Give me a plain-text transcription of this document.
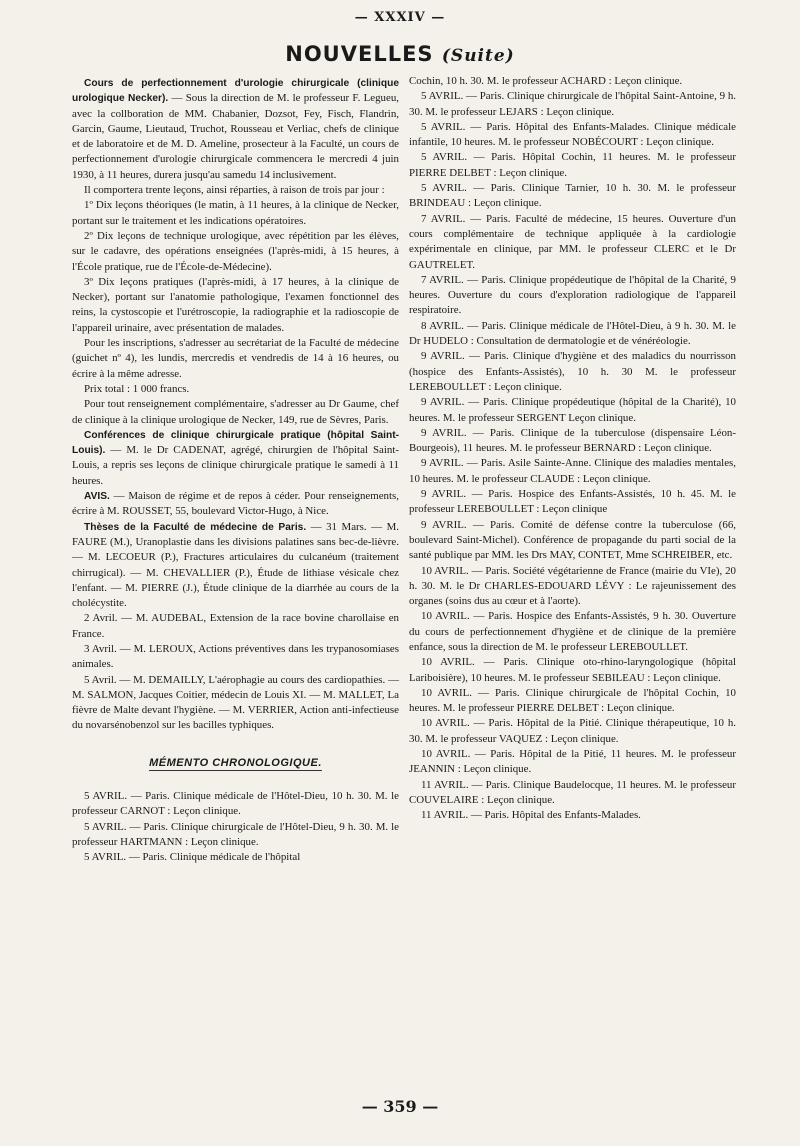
— XXXIV —
NOUVELLES (Suite)

Cours de perfectionnement d'urologie chirurgicale (clinique urologique Necker). — Sous la direction de M. le professeur F. Legueu, avec la collboration de MM. Chabanier, Dozsot, Fey, Fisch, Flandrin, Garcin, Gaume, Lieutaud, Truchot, Rousseau et Verliac, chefs de clinique et de laboratoire et de M. D. Ameline, prosecteur à la Faculté, un cours de perfectionnement d'urologie chirurgicale commencera le mercredi 4 juin 1930, à 11 heures, durera jusqu'au samedu 14 inclusivement.

Il comportera trente leçons, ainsi réparties, à raison de trois par jour :

1º Dix leçons théoriques (le matin, à 11 heures, à la clinique de Necker, portant sur le traitement et les indications opératoires.

2º Dix leçons de technique urologique, avec répétition par les élèves, sur le cadavre, des opérations enseignées (l'après-midi, à 15 heures, à l'École pratique, rue de l'École-de-Médecine).

3º Dix leçons pratiques (l'après-midi, à 17 heures, à la clinique de Necker), portant sur l'anatomie pathologique, l'examen fonctionnel des reins, la cystoscopie et l'urétroscopie, la radiographie et la radioscopie de l'appareil urinaire, avec présentation de malades.

Pour les inscriptions, s'adresser au secrétariat de la Faculté de médecine (guichet nº 4), les lundis, mercredis et vendredis de 14 à 16 heures, ou écrire à la même adresse.

Prix total : 1 000 francs.

Pour tout renseignement complémentaire, s'adresser au Dr Gaume, chef de clinique à la clinique urologique de Necker, 149, rue de Sèvres, Paris.

Conférences de clinique chirurgicale pratique (hôpital Saint-Louis). — M. le Dr CADENAT, agrégé, chirurgien de l'hôpital Saint-Louis, a repris ses leçons de clinique chirurgicale pratique le samedi à 11 heures.

AVIS. — Maison de régime et de repos à céder. Pour renseignements, écrire à M. ROUSSET, 55, boulevard Victor-Hugo, à Nice.

Thèses de la Faculté de médecine de Paris. — 31 Mars. — M. FAURE (M.), Uranoplastie dans les divisions palatines sans bec-de-lièvre. — M. LECOEUR (P.), Fractures articulaires du culcanéum (traitement chirrugical). — M. CHEVALLIER (P.), Étude de lithiase vésicale chez l'enfant. — M. PIERRE (J.), Étude clinique de la diarrhée au cours de la cholécystite.

2 Avril. — M. AUDEBAL, Extension de la race bovine charollaise en France.

3 Avril. — M. LEROUX, Actions préventives dans les trypanosomiases animales.

5 Avril. — M. DEMAILLY, L'aérophagie au cours des cardiopathies. — M. SALMON, Jacques Coitier, médecin de Louis XI. — M. MALLET, La fièvre de Malte devant l'hygiène. — M. VERRIER, Action anti-infectieuse du novarsénobenzol sur les bacilles typhiques.

MÉMENTO CHRONOLOGIQUE.

5 AVRIL. — Paris. Clinique médicale de l'Hôtel-Dieu, 10 h. 30. M. le professeur CARNOT : Leçon clinique.

5 AVRIL. — Paris. Clinique chirurgicale de l'Hôtel-Dieu, 9 h. 30. M. le professeur HARTMANN : Leçon clinique.

5 AVRIL. — Paris. Clinique médicale de l'hôpital

Cochin, 10 h. 30. M. le professeur ACHARD : Leçon clinique.

5 AVRIL. — Paris. Clinique chirurgicale de l'hôpital Saint-Antoine, 9 h. 30. M. le professeur LEJARS : Leçon clinique.

5 AVRIL. — Paris. Hôpital des Enfants-Malades. Clinique médicale infantile, 10 heures. M. le professeur NOBÉCOURT : Leçon clinique.

5 AVRIL. — Paris. Hôpital Cochin, 11 heures. M. le professeur PIERRE DELBET : Leçon clinique.

5 AVRIL. — Paris. Clinique Tarnier, 10 h. 30. M. le professeur BRINDEAU : Leçon clinique.

7 AVRIL. — Paris. Faculté de médecine, 15 heures. Ouverture d'un cours complémentaire de technique appliquée à la cardiologie expérimentale en clinique, par MM. le professeur CLERC et le Dr GAUTRELET.

7 AVRIL. — Paris. Clinique propédeutique de l'hôpital de la Charité, 9 heures. Ouverture du cours d'exploration radiologique de l'appareil respiratoire.

8 AVRIL. — Paris. Clinique médicale de l'Hôtel-Dieu, à 9 h. 30. M. le Dr HUDELO : Consultation de dermatologie et de vénéréologie.

9 AVRIL. — Paris. Clinique d'hygiène et des maladics du nourrisson (hospice des Enfants-Assistés), 10 h. 30 M. le professeur LEREBOULLET : Leçon clinique.

9 AVRIL. — Paris. Clinique propédeutique (hôpital de la Charité), 10 heures. M. le professeur SERGENT Leçon clinique.

9 AVRIL. — Paris. Clinique de la tuberculose (dispensaire Léon-Bourgeois), 11 heures. M. le professeur BERNARD : Leçon clinique.

9 AVRIL. — Paris. Asile Sainte-Anne. Clinique des maladies mentales, 10 heures. M. le professeur CLAUDE : Leçon clinique.

9 AVRIL. — Paris. Hospice des Enfants-Assistés, 10 h. 45. M. le professeur LEREBOULLET : Leçon clinique

9 AVRIL. — Paris. Comité de défense contre la tuberculose (66, boulevard Saint-Michel). Conférence de propagande du parti social de la santé publique par MM. les Drs MAY, CONTET, Mme SCHREIBER, etc.

10 AVRIL. — Paris. Société végétarienne de France (mairie du VIe), 20 h. 30. M. le Dr CHARLES-EDOUARD LÉVY : Le rajeunissement des organes (soins dus au cœur et à l'aorte).

10 AVRIL. — Paris. Hospice des Enfants-Assistés, 9 h. 30. Ouverture du cours de perfectionnement d'hygiène et de clinique de la première enfance, sous la direction de M. le professeur LEREBOULLET.

10 AVRIL. — Paris. Clinique oto-rhino-laryngologique (hôpital Lariboisière), 10 heures. M. le professeur SEBILEAU : Leçon clinique.

10 AVRIL. — Paris. Clinique chirurgicale de l'hôpital Cochin, 10 heures. M. le professeur PIERRE DELBET : Leçon clinique.

10 AVRIL. — Paris. Hôpital de la Pitié. Clinique thérapeutique, 10 h. 30. M. le professeur VAQUEZ : Leçon clinique.

10 AVRIL. — Paris. Hôpital de la Pitié, 11 heures. M. le professeur JEANNIN : Leçon clinique.

11 AVRIL. — Paris. Clinique Baudelocque, 11 heures. M. le professeur COUVELAIRE : Leçon clinique.

11 AVRIL. — Paris. Hôpital des Enfants-Malades.

— 359 —
